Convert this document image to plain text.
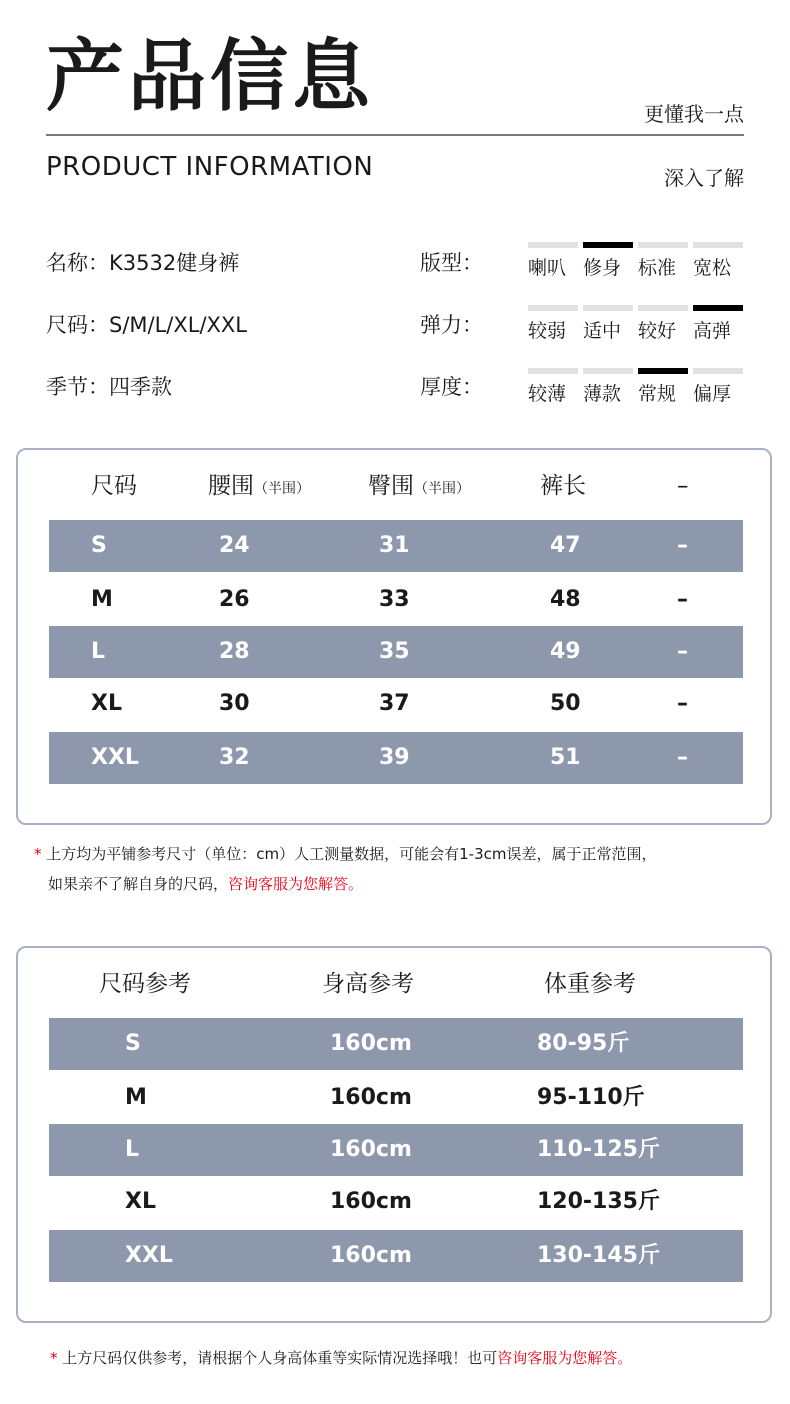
产品信息	更懂我一点
PRODUCT INFORMATION	深入了解
名称：K3532健身裤
尺码：S/M/L/XL/XXL
季节：四季款
版型： 喇叭 修身 标准 宽松
弹力： 较弱 适中 较好 高弹
厚度： 较薄 薄款 常规 偏厚
尺码	腰围（半围）	臀围（半围）	裤长	–
S	24	31	47	–
M	26	33	48	–
L	28	35	49	–
XL	30	37	50	–
XXL	32	39	51	–
* 上方均为平铺参考尺寸（单位：cm）人工测量数据，可能会有1-3cm误差，属于正常范围，
如果亲不了解自身的尺码，咨询客服为您解答。
尺码参考	身高参考	体重参考
S	160cm	80-95斤
M	160cm	95-110斤
L	160cm	110-125斤
XL	160cm	120-135斤
XXL	160cm	130-145斤
* 上方尺码仅供参考，请根据个人身高体重等实际情况选择哦！也可咨询客服为您解答。
